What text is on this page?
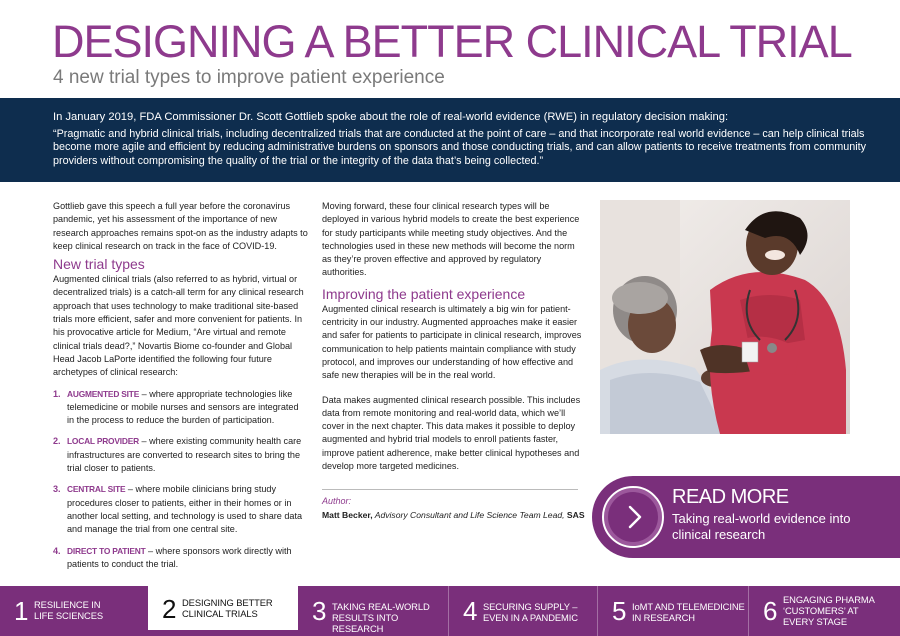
DESIGNING A BETTER CLINICAL TRIAL
4 new trial types to improve patient experience

In January 2019, FDA Commissioner Dr. Scott Gottlieb spoke about the role of real-world evidence (RWE) in regulatory decision making:

“Pragmatic and hybrid clinical trials, including decentralized trials that are conducted at the point of care – and that incorporate real world evidence – can help clinical trials become more agile and efficient by reducing administrative burdens on sponsors and those conducting trials, and can allow patients to receive treatments from community providers without compromising the quality of the trial or the integrity of the data that’s being collected.”

Gottlieb gave this speech a full year before the coronavirus pandemic, yet his assessment of the importance of new research approaches remains spot-on as the industry adapts to keep clinical research on track in the face of COVID-19.

New trial types

Augmented clinical trials (also referred to as hybrid, virtual or decentralized trials) is a catch-all term for any clinical research approach that uses technology to make traditional site-based trials more efficient, safer and more convenient for patients. In his provocative article for Medium, “Are virtual and remote clinical trials dead?,” Novartis Biome co-founder and Global Head Jacob LaPorte identified the following four future archetypes of clinical research:

1. AUGMENTED SITE – where appropriate technologies like telemedicine or mobile nurses and sensors are integrated in the process to reduce the burden of participation.
2. LOCAL PROVIDER – where existing community health care infrastructures are converted to research sites to bring the trial closer to patients.
3. CENTRAL SITE – where mobile clinicians bring study procedures closer to patients, either in their homes or in another local setting, and technology is used to share data and manage the trial from one central site.
4. DIRECT TO PATIENT – where sponsors work directly with patients to conduct the trial.

Moving forward, these four clinical research types will be deployed in various hybrid models to create the best experience for study participants while meeting study objectives. And the technologies used in these new methods will become the norm as they’re proven effective and approved by regulatory authorities.

Improving the patient experience

Augmented clinical research is ultimately a big win for patient-centricity in our industry. Augmented approaches make it easier and safer for patients to participate in clinical research, improves communication to help patients maintain compliance with study protocol, and improves our understanding of how effective and safe new therapies will be in the real world.

Data makes augmented clinical research possible. This includes data from remote monitoring and real-world data, which we’ll cover in the next chapter. This data makes it possible to deploy augmented and hybrid trial models to enroll patients faster, improve patient adherence, make better clinical hypotheses and develop more targeted medicines.

Author:
Matt Becker, Advisory Consultant and Life Science Team Lead, SAS
READ MORE
Taking real-world evidence into clinical research
1 RESILIENCE IN
LIFE SCIENCES 2 DESIGNING BETTER
CLINICAL TRIALS 3 TAKING REAL-WORLD
RESULTS INTO RESEARCH
4 SECURING SUPPLY –
EVEN IN A PANDEMIC 5 IoMT AND TELEMEDICINE
IN RESEARCH	6 ENGAGING PHARMA
‘CUSTOMERS’ AT
EVERY STAGE
